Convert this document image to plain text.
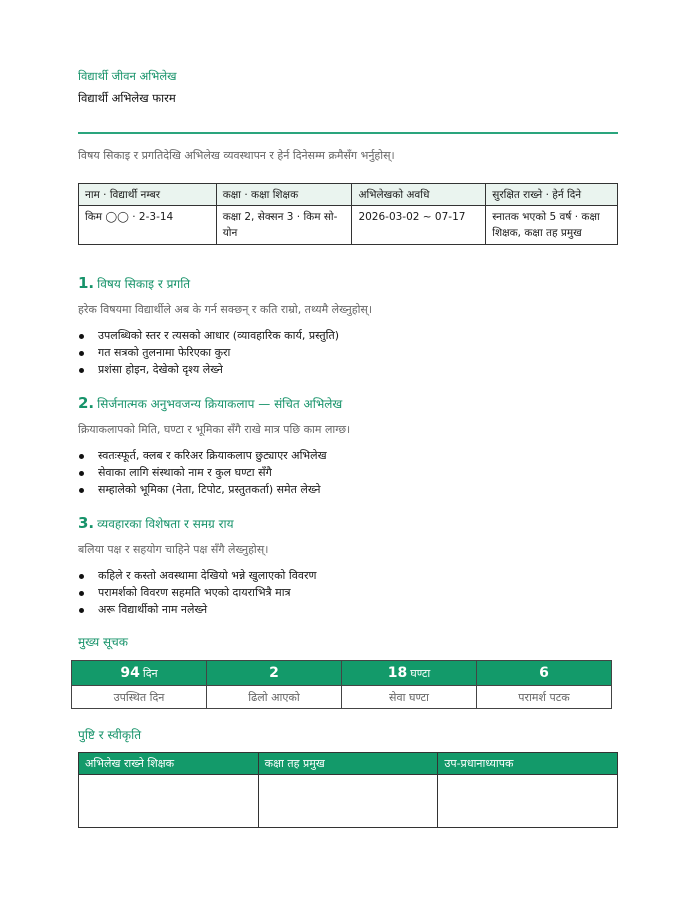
विद्यार्थी जीवन अभिलेख
विद्यार्थी अभिलेख फारम
विषय सिकाइ र प्रगतिदेखि अभिलेख व्यवस्थापन र हेर्न दिनेसम्म क्रमैसँग भर्नुहोस्।
नाम · विद्यार्थी नम्बर	कक्षा · कक्षा शिक्षक	अभिलेखको अवधि	सुरक्षित राख्ने · हेर्न दिने
किम ◯◯ · 2-3-14	कक्षा 2, सेक्सन 3 · किम सो-योन	2026-03-02 ~ 07-17	स्नातक भएको 5 वर्ष · कक्षा शिक्षक, कक्षा तह प्रमुख
1. विषय सिकाइ र प्रगति
हरेक विषयमा विद्यार्थीले अब के गर्न सक्छन् र कति राम्रो, तथ्यमै लेख्नुहोस्।
उपलब्धिको स्तर र त्यसको आधार (व्यावहारिक कार्य, प्रस्तुति)
गत सत्रको तुलनामा फेरिएका कुरा
प्रशंसा होइन, देखेको दृश्य लेख्ने
2. सिर्जनात्मक अनुभवजन्य क्रियाकलाप — संचित अभिलेख
क्रियाकलापको मिति, घण्टा र भूमिका सँगै राखे मात्र पछि काम लाग्छ।
स्वतःस्फूर्त, क्लब र करिअर क्रियाकलाप छुट्याएर अभिलेख
सेवाका लागि संस्थाको नाम र कुल घण्टा सँगै
सम्हालेको भूमिका (नेता, टिपोट, प्रस्तुतकर्ता) समेत लेख्ने
3. व्यवहारका विशेषता र समग्र राय
बलिया पक्ष र सहयोग चाहिने पक्ष सँगै लेख्नुहोस्।
कहिले र कस्तो अवस्थामा देखियो भन्ने खुलाएको विवरण
परामर्शको विवरण सहमति भएको दायराभित्रै मात्र
अरू विद्यार्थीको नाम नलेख्ने
मुख्य सूचक
94 दिन	2	18 घण्टा	6
उपस्थित दिन	ढिलो आएको	सेवा घण्टा	परामर्श पटक
पुष्टि र स्वीकृति
अभिलेख राख्ने शिक्षक	कक्षा तह प्रमुख	उप-प्रधानाध्यापक
